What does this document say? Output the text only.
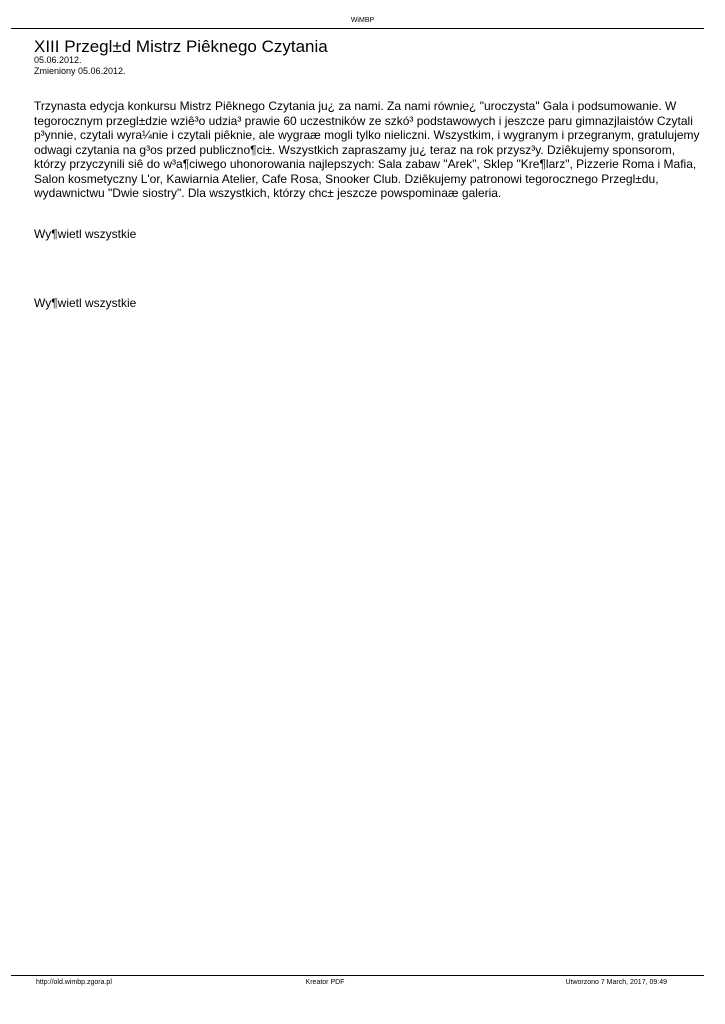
WiMBP
XIII Przegl±d Mistrz Piêknego Czytania
05.06.2012.
Zmieniony 05.06.2012.

Trzynasta edycja konkursu Mistrz Piêknego Czytania ju¿ za nami. Za nami równie¿ "uroczysta" Gala i podsumowanie. W tegorocznym przegl±dzie wziê³o udzia³ prawie 60 uczestników ze szkó³ podstawowych i jeszcze paru gimnazjlaistów Czytali p³ynnie, czytali wyra¼nie i czytali piêknie, ale wygraæ mogli tylko nieliczni. Wszystkim, i wygranym i przegranym, gratulujemy odwagi czytania na g³os przed publiczno¶ci±. Wszystkich zapraszamy ju¿ teraz na rok przysz³y. Dziêkujemy sponsorom, którzy przyczynili siê do w³a¶ciwego uhonorowania najlepszych: Sala zabaw "Arek", Sklep "Kre¶larz", Pizzerie Roma i Mafia, Salon kosmetyczny L'or, Kawiarnia Atelier, Cafe Rosa, Snooker Club. Dziêkujemy patronowi tegorocznego Przegl±du, wydawnictwu "Dwie siostry". Dla wszystkich, którzy chc± jeszcze powspominaæ galeria.

Wy¶wietl wszystkie
Wy¶wietl wszystkie
http://old.wimbp.zgora.pl	Kreator PDF	Utworzono 7 March, 2017, 09:49
